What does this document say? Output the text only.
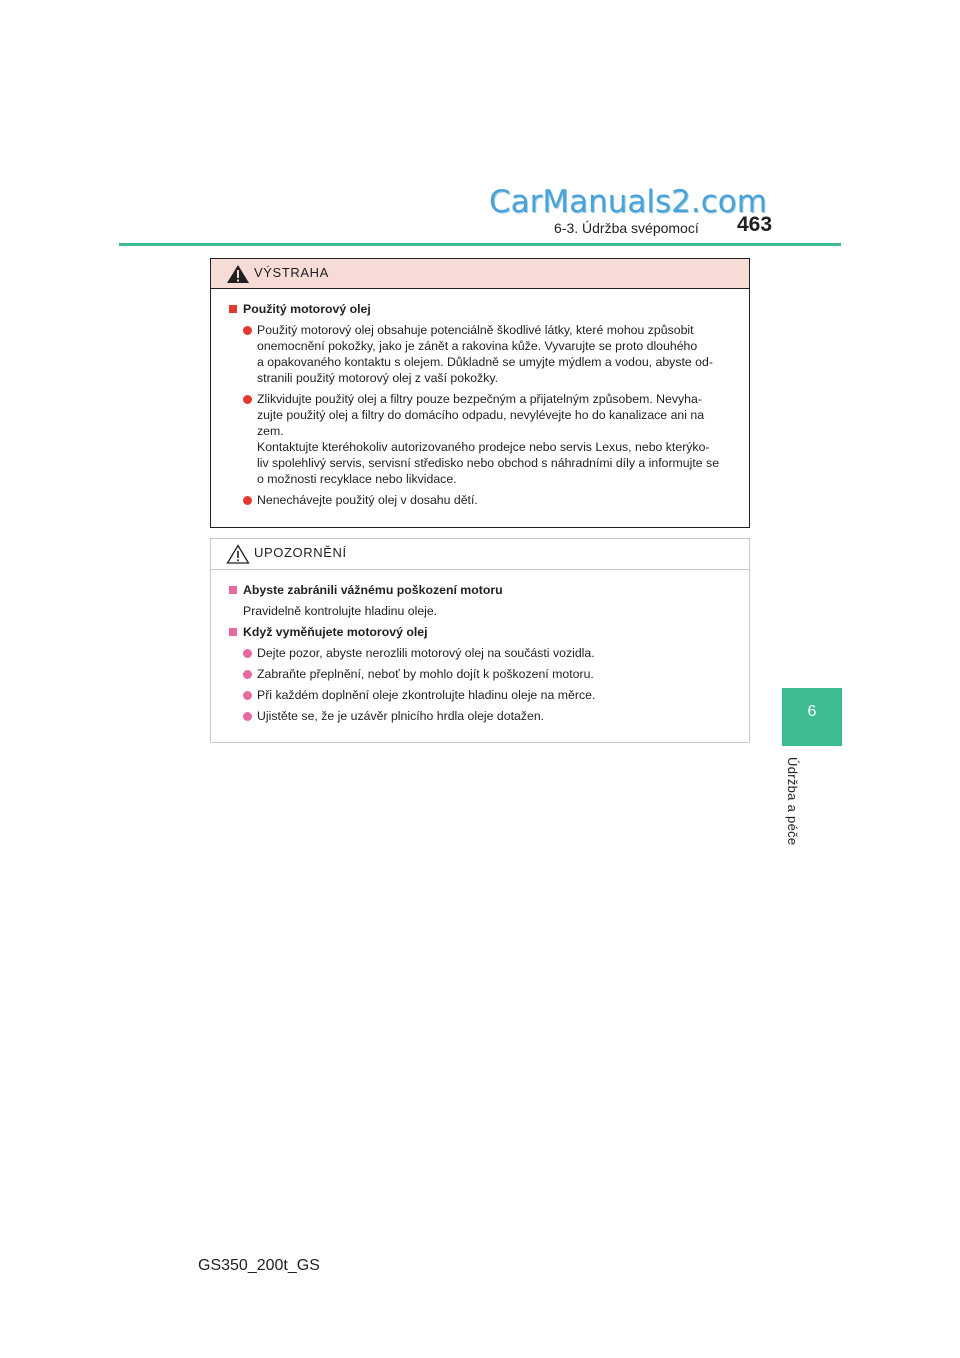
CarManuals2.com
6-3. Údržba svépomocí 463
6
Údržba a péče
VÝSTRAHA
Použitý motorový olej
Použitý motorový olej obsahuje potenciálně škodlivé látky, které mohou způsobit
onemocnění pokožky, jako je zánět a rakovina kůže. Vyvarujte se proto dlouhého
a opakovaného kontaktu s olejem. Důkladně se umyjte mýdlem a vodou, abyste od-
stranili použitý motorový olej z vaší pokožky.
Zlikvidujte použitý olej a filtry pouze bezpečným a přijatelným způsobem. Nevyha-
zujte použitý olej a filtry do domácího odpadu, nevylévejte ho do kanalizace ani na
zem.
Kontaktujte kteréhokoliv autorizovaného prodejce nebo servis Lexus, nebo kterýko-
liv spolehlivý servis, servisní středisko nebo obchod s náhradními díly a informujte se
o možnosti recyklace nebo likvidace.
Nenechávejte použitý olej v dosahu dětí.
UPOZORNĚNÍ
Abyste zabránili vážnému poškození motoru
Pravidelně kontrolujte hladinu oleje.
Když vyměňujete motorový olej
Dejte pozor, abyste nerozlili motorový olej na součásti vozidla.
Zabraňte přeplnění, neboť by mohlo dojít k poškození motoru.
Při každém doplnění oleje zkontrolujte hladinu oleje na měrce.
Ujistěte se, že je uzávěr plnicího hrdla oleje dotažen.
GS350_200t_GS
